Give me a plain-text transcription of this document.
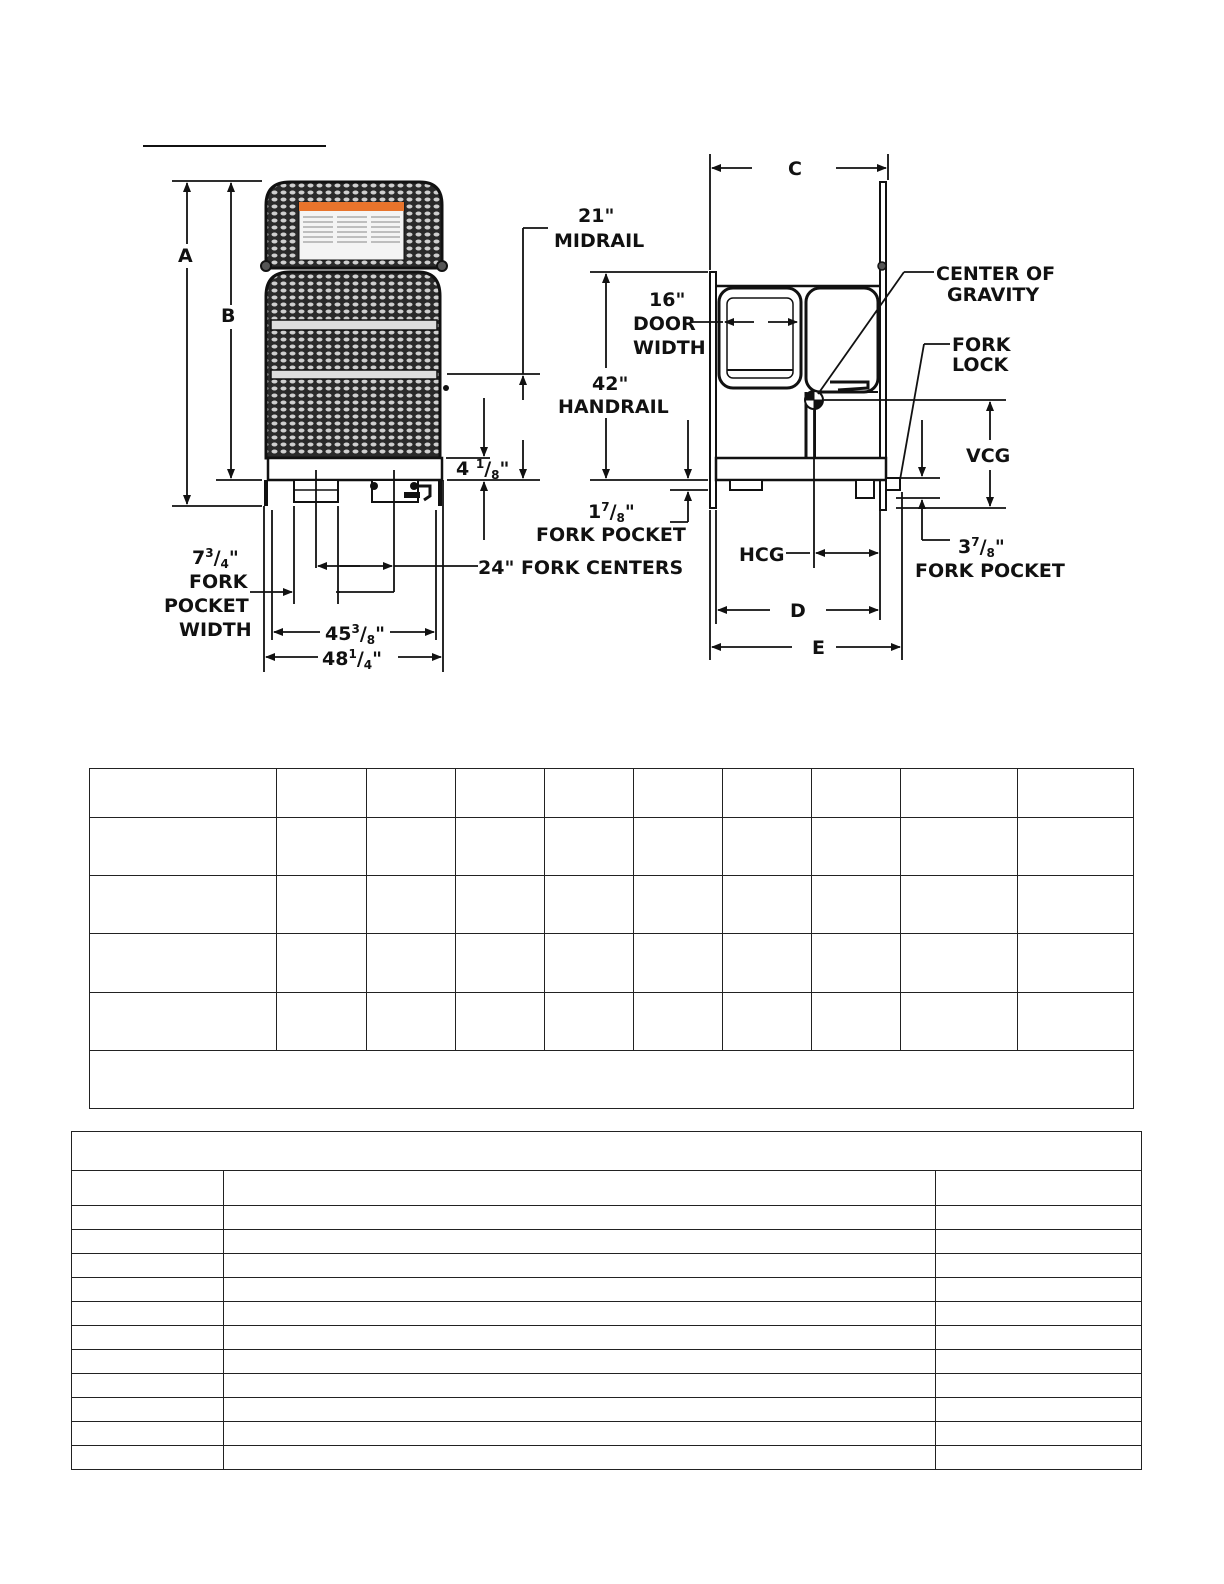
A
B
21"
MIDRAIL
4 $^1/_8$"
24" FORK CENTERS
$7^3/_4$"
FORK
POCKET
WIDTH	$45^3/_8$"
$48^1/_4$"
C
16"
DOOR
WIDTH
42"
HANDRAIL
CENTER OF
GRAVITY
FORK
LOCK
VCG
HCG
D
E
$1^7/_8$"
FORK POCKET
$3^7/_8$"
FORK POCKET
